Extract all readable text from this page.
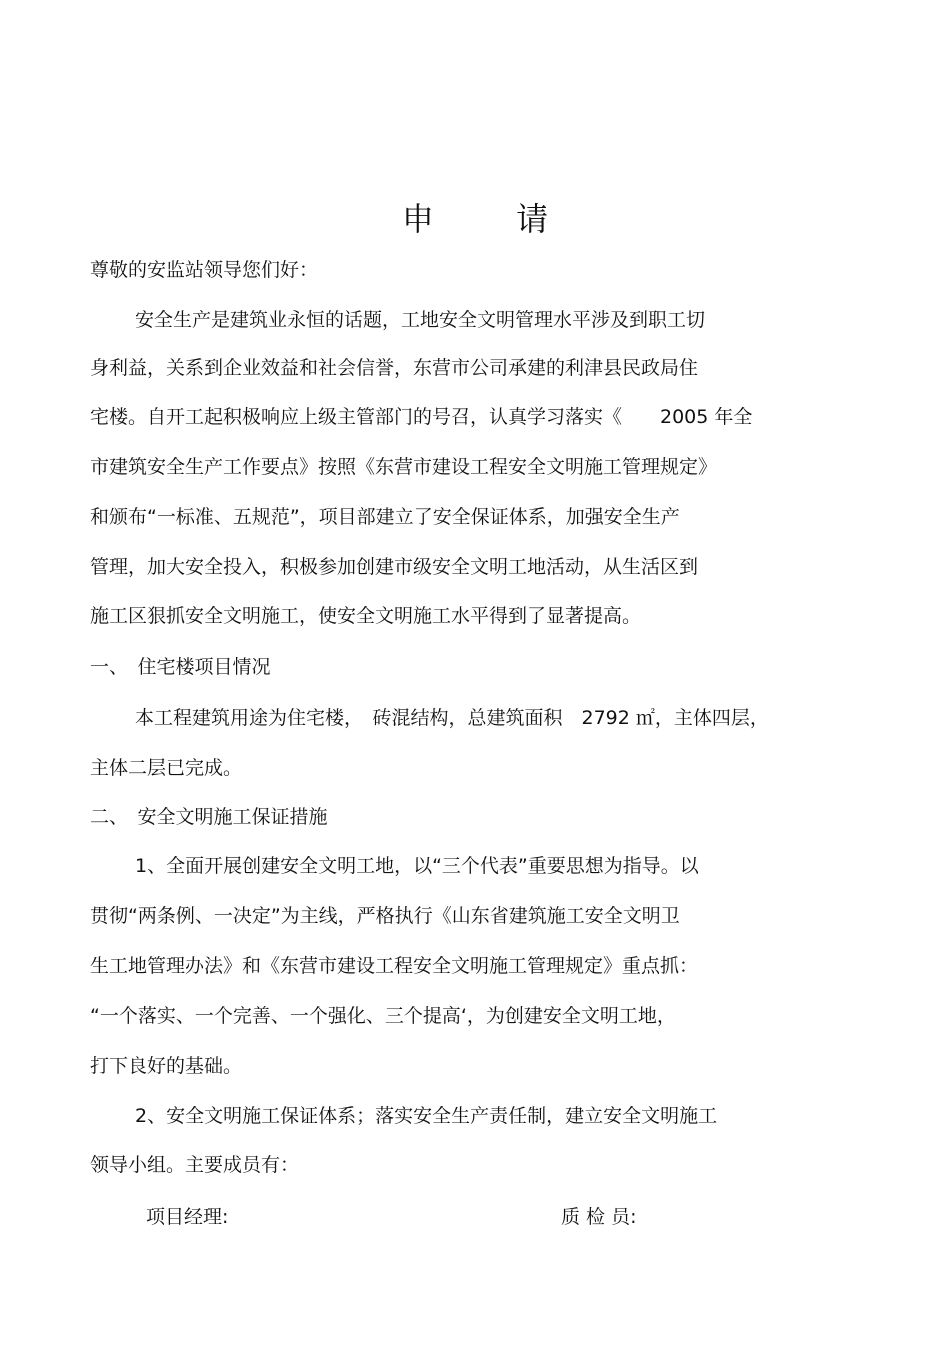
申 请
尊敬的安监站领导您们好：
安全生产是建筑业永恒的话题，工地安全文明管理水平涉及到职工切
身利益，关系到企业效益和社会信誉，东营市公司承建的利津县民政局住
宅楼。自开工起积极响应上级主管部门的号召，认真学习落实《　　2005 年全
市建筑安全生产工作要点》按照《东营市建设工程安全文明施工管理规定》
和颁布“一标准、五规范”，项目部建立了安全保证体系，加强安全生产
管理，加大安全投入，积极参加创建市级安全文明工地活动，从生活区到
施工区狠抓安全文明施工，使安全文明施工水平得到了显著提高。
一、　住宅楼项目情况
本工程建筑用途为住宅楼，　砖混结构，总建筑面积　2792 ㎡，主体四层，
主体二层已完成。
二、　安全文明施工保证措施
1、全面开展创建安全文明工地，以“三个代表”重要思想为指导。以
贯彻“两条例、一决定”为主线，严格执行《山东省建筑施工安全文明卫
生工地管理办法》和《东营市建设工程安全文明施工管理规定》重点抓：
“一个落实、一个完善、一个强化、三个提高‘，为创建安全文明工地，
打下良好的基础。
2、安全文明施工保证体系；落实安全生产责任制，建立安全文明施工
领导小组。主要成员有：
项目经理:	质 检 员:
